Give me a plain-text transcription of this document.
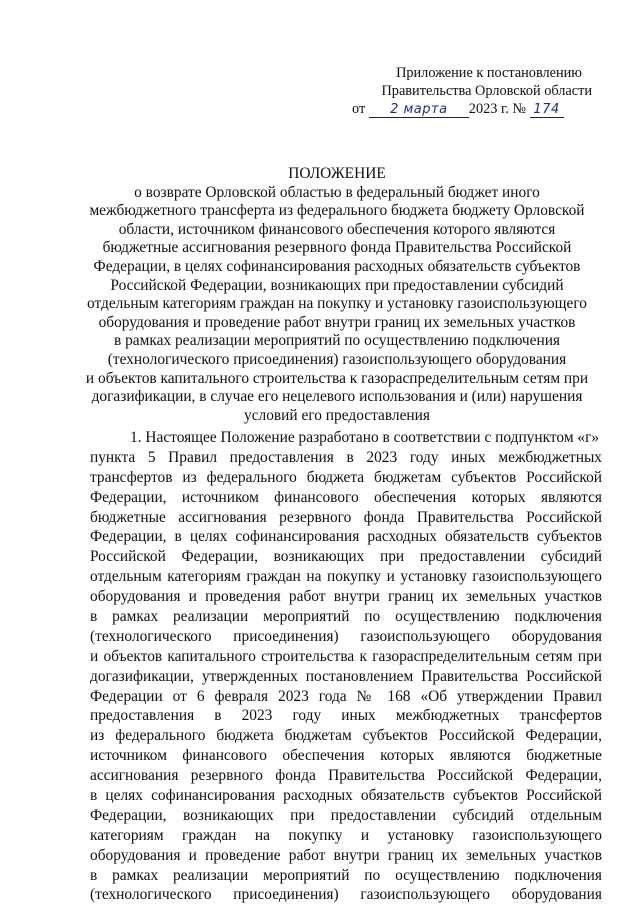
Приложение к постановлению
Правительства Орловской области
от 2 марта 2023 г. № 174
ПОЛОЖЕНИЕ
о возврате Орловской областью в федеральный бюджет иного
межбюджетного трансферта из федерального бюджета бюджету Орловской
области, источником финансового обеспечения которого являются
бюджетные ассигнования резервного фонда Правительства Российской
Федерации, в целях софинансирования расходных обязательств субъектов
Российской Федерации, возникающих при предоставлении субсидий
отдельным категориям граждан на покупку и установку газоиспользующего
оборудования и проведение работ внутри границ их земельных участков
в рамках реализации мероприятий по осуществлению подключения
(технологического присоединения) газоиспользующего оборудования
и объектов капитального строительства к газораспределительным сетям при
догазификации, в случае его нецелевого использования и (или) нарушения
условий его предоставления
1. Настоящее Положение разработано в соответствии с подпунктом «г»
пункта 5 Правил предоставления в 2023 году иных межбюджетных
трансфертов из федерального бюджета бюджетам субъектов Российской
Федерации, источником финансового обеспечения которых являются
бюджетные ассигнования резервного фонда Правительства Российской
Федерации, в целях софинансирования расходных обязательств субъектов
Российской Федерации, возникающих при предоставлении субсидий
отдельным категориям граждан на покупку и установку газоиспользующего
оборудования и проведения работ внутри границ их земельных участков
в рамках реализации мероприятий по осуществлению подключения
(технологического присоединения) газоиспользующего оборудования
и объектов капитального строительства к газораспределительным сетям при
догазификации, утвержденных постановлением Правительства Российской
Федерации от 6 февраля 2023 года № 168 «Об утверждении Правил
предоставления в 2023 году иных межбюджетных трансфертов
из федерального бюджета бюджетам субъектов Российской Федерации,
источником финансового обеспечения которых являются бюджетные
ассигнования резервного фонда Правительства Российской Федерации,
в целях софинансирования расходных обязательств субъектов Российской
Федерации, возникающих при предоставлении субсидий отдельным
категориям граждан на покупку и установку газоиспользующего
оборудования и проведение работ внутри границ их земельных участков
в рамках реализации мероприятий по осуществлению подключения
(технологического присоединения) газоиспользующего оборудования
